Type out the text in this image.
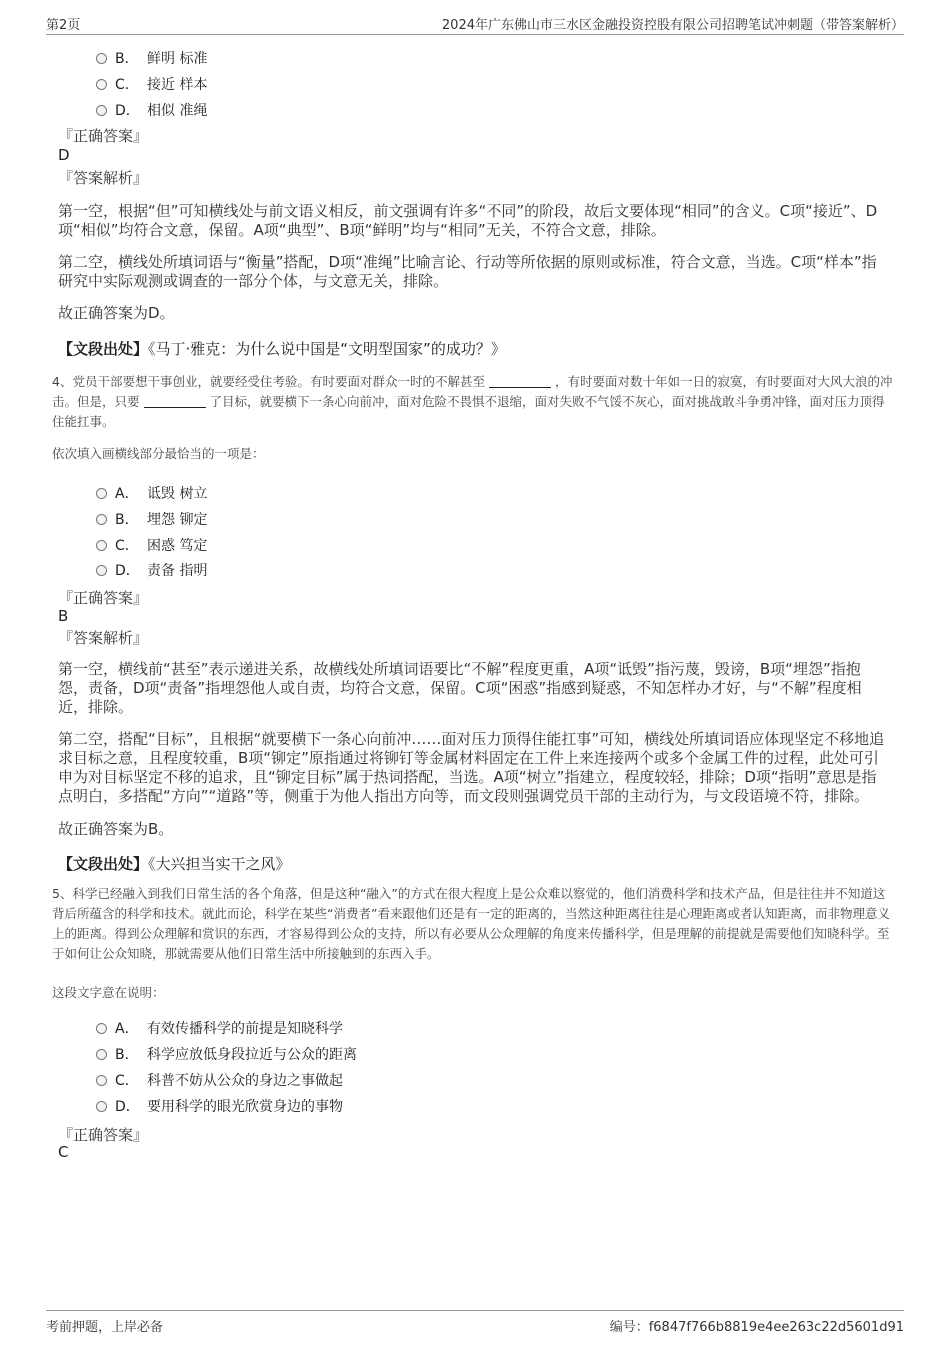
第2页	2024年广东佛山市三水区金融投资控股有限公司招聘笔试冲刺题（带答案解析）
B． 鲜明 标准
C． 接近 样本
D． 相似 准绳
『正确答案』
D
『答案解析』
第一空，根据“但”可知横线处与前文语义相反，前文强调有许多“不同”的阶段，故后文要体现“相同”的含义。C项“接近”、D项“相似”均符合文意，保留。A项“典型”、B项“鲜明”均与“相同”无关，不符合文意，排除。
第二空，横线处所填词语与“衡量”搭配，D项“准绳”比喻言论、行动等所依据的原则或标准，符合文意，当选。C项“样本”指研究中实际观测或调查的一部分个体，与文意无关，排除。
故正确答案为D。
【文段出处】《马丁·雅克：为什么说中国是“文明型国家”的成功？》
4、党员干部要想干事创业，就要经受住考验。有时要面对群众一时的不解甚至	，有时要面对数十年如一日的寂寞，有时要面对大风大浪的冲击。但是，只要	了目标，就要横下一条心向前冲，面对危险不畏惧不退缩，面对失败不气馁不灰心，面对挑战敢斗争勇冲锋，面对压力顶得住能扛事。
依次填入画横线部分最恰当的一项是：
A． 诋毁 树立
B． 埋怨 铆定
C． 困惑 笃定
D． 责备 指明
『正确答案』
B
『答案解析』
第一空，横线前“甚至”表示递进关系，故横线处所填词语要比“不解”程度更重，A项“诋毁”指污蔑，毁谤，B项“埋怨”指抱怨，责备，D项“责备”指埋怨他人或自责，均符合文意，保留。C项“困惑”指感到疑惑，不知怎样办才好，与“不解”程度相近，排除。
第二空，搭配“目标”，且根据“就要横下一条心向前冲……面对压力顶得住能扛事”可知，横线处所填词语应体现坚定不移地追求目标之意，且程度较重，B项“铆定”原指通过将铆钉等金属材料固定在工件上来连接两个或多个金属工件的过程，此处可引申为对目标坚定不移的追求，且“铆定目标”属于热词搭配，当选。A项“树立”指建立，程度较轻，排除；D项“指明”意思是指点明白，多搭配“方向”“道路”等，侧重于为他人指出方向等，而文段则强调党员干部的主动行为，与文段语境不符，排除。
故正确答案为B。
【文段出处】《大兴担当实干之风》
5、科学已经融入到我们日常生活的各个角落，但是这种“融入”的方式在很大程度上是公众难以察觉的，他们消费科学和技术产品，但是往往并不知道这背后所蕴含的科学和技术。就此而论，科学在某些“消费者”看来跟他们还是有一定的距离的，当然这种距离往往是心理距离或者认知距离，而非物理意义上的距离。得到公众理解和赏识的东西，才容易得到公众的支持，所以有必要从公众理解的角度来传播科学，但是理解的前提就是需要他们知晓科学。至于如何让公众知晓，那就需要从他们日常生活中所接触到的东西入手。
这段文字意在说明：
A． 有效传播科学的前提是知晓科学
B． 科学应放低身段拉近与公众的距离
C． 科普不妨从公众的身边之事做起
D． 要用科学的眼光欣赏身边的事物
『正确答案』
C
考前押题，上岸必备	编号：f6847f766b8819e4ee263c22d5601d91
